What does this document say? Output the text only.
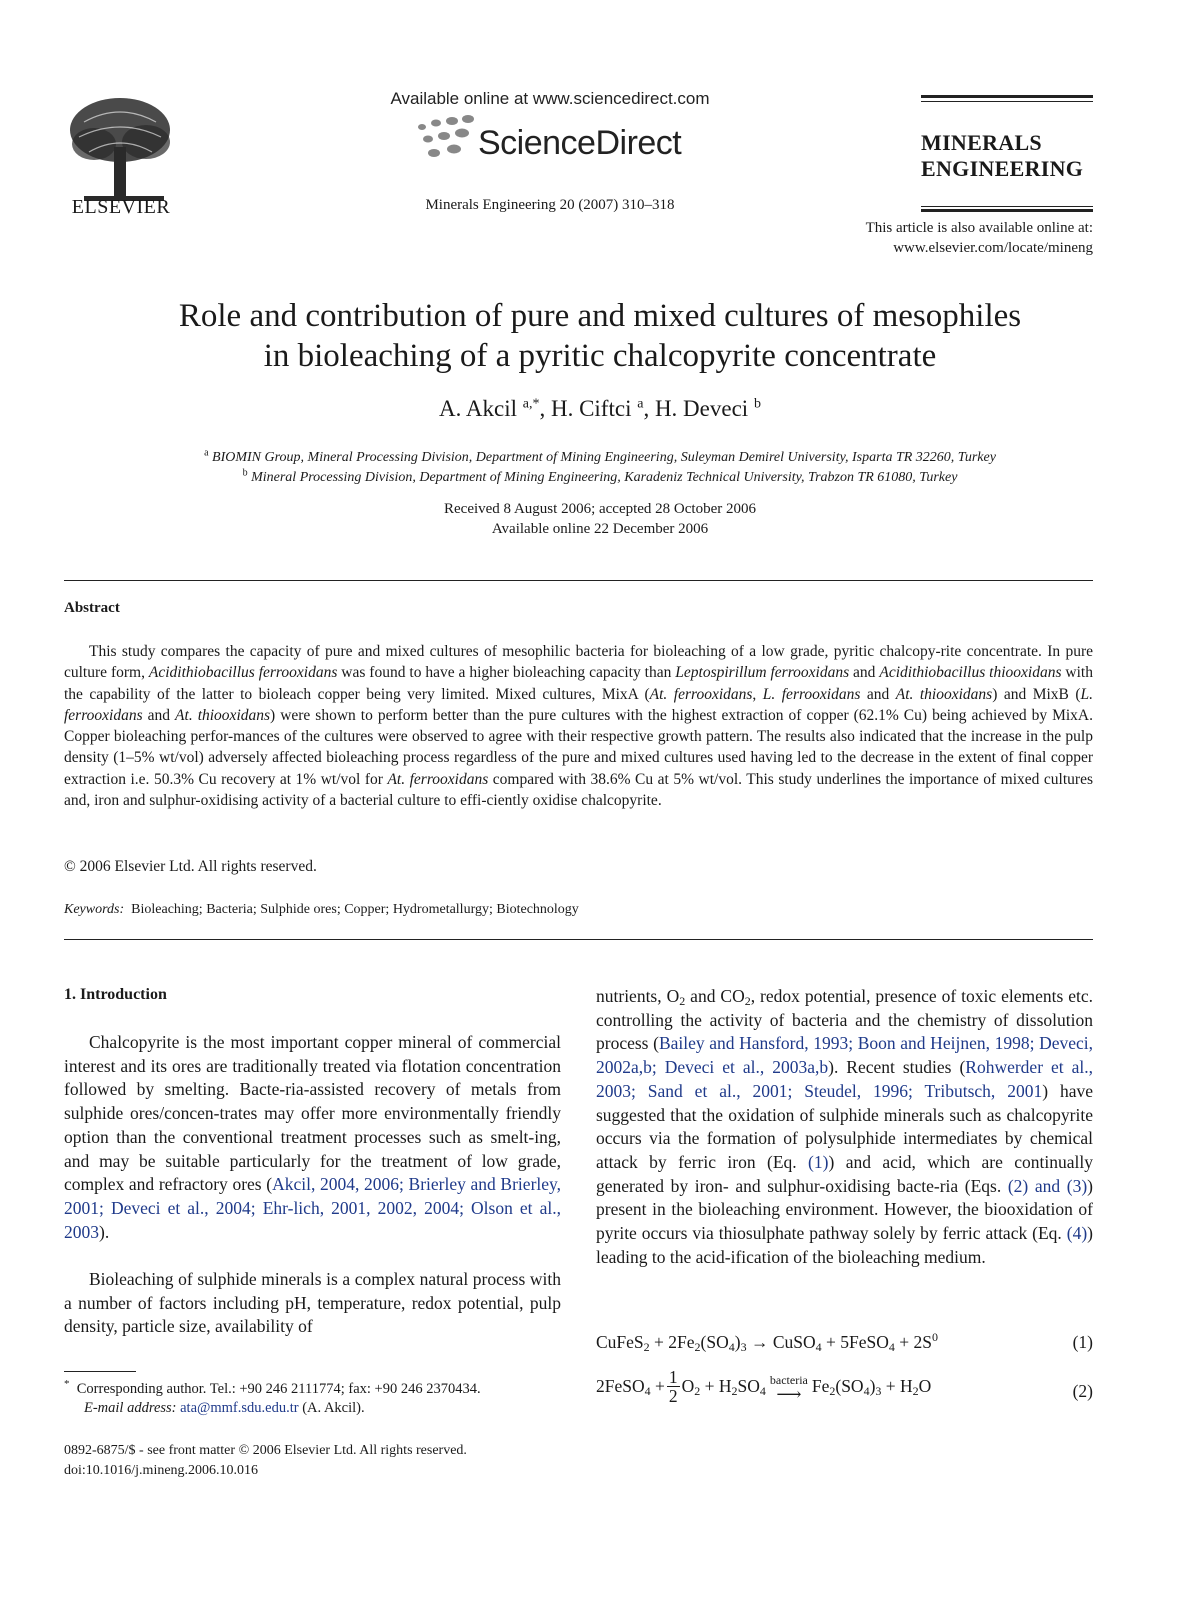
ELSEVIER
Available online at www.sciencedirect.com
ScienceDirect
Minerals Engineering 20 (2007) 310–318
MINERALS
ENGINEERING
This article is also available online at:
www.elsevier.com/locate/mineng
Role and contribution of pure and mixed cultures of mesophiles
in bioleaching of a pyritic chalcopyrite concentrate
A. Akcil $^{a,*}$, H. Ciftci $^a$, H. Deveci $^b$
$^a$ BIOMIN Group, Mineral Processing Division, Department of Mining Engineering, Suleyman Demirel University, Isparta TR 32260, Turkey
$^b$ Mineral Processing Division, Department of Mining Engineering, Karadeniz Technical University, Trabzon TR 61080, Turkey
Received 8 August 2006; accepted 28 October 2006
Available online 22 December 2006
Abstract
This study compares the capacity of pure and mixed cultures of mesophilic bacteria for bioleaching of a low grade, pyritic chalcopy-rite concentrate. In pure culture form, Acidithiobacillus ferrooxidans was found to have a higher bioleaching capacity than Leptospirillum ferrooxidans and Acidithiobacillus thiooxidans with the capability of the latter to bioleach copper being very limited. Mixed cultures, MixA (At. ferrooxidans, L. ferrooxidans and At. thiooxidans) and MixB (L. ferrooxidans and At. thiooxidans) were shown to perform better than the pure cultures with the highest extraction of copper (62.1% Cu) being achieved by MixA. Copper bioleaching perfor-mances of the cultures were observed to agree with their respective growth pattern. The results also indicated that the increase in the pulp density (1–5% wt/vol) adversely affected bioleaching process regardless of the pure and mixed cultures used having led to the decrease in the extent of final copper extraction i.e. 50.3% Cu recovery at 1% wt/vol for At. ferrooxidans compared with 38.6% Cu at 5% wt/vol. This study underlines the importance of mixed cultures and, iron and sulphur-oxidising activity of a bacterial culture to effi-ciently oxidise chalcopyrite.
© 2006 Elsevier Ltd. All rights reserved.
Keywords: Bioleaching; Bacteria; Sulphide ores; Copper; Hydrometallurgy; Biotechnology
1. Introduction
Chalcopyrite is the most important copper mineral of commercial interest and its ores are traditionally treated via flotation concentration followed by smelting. Bacte-ria-assisted recovery of metals from sulphide ores/concen-trates may offer more environmentally friendly option than the conventional treatment processes such as smelt-ing, and may be suitable particularly for the treatment of low grade, complex and refractory ores (Akcil, 2004, 2006; Brierley and Brierley, 2001; Deveci et al., 2004; Ehr-lich, 2001, 2002, 2004; Olson et al., 2003).
Bioleaching of sulphide minerals is a complex natural process with a number of factors including pH, temperature, redox potential, pulp density, particle size, availability of
nutrients, $O_2$ and $CO_2$, redox potential, presence of toxic elements etc. controlling the activity of bacteria and the chemistry of dissolution process (Bailey and Hansford, 1993; Boon and Heijnen, 1998; Deveci, 2002a,b; Deveci et al., 2003a,b). Recent studies (Rohwerder et al., 2003; Sand et al., 2001; Steudel, 1996; Tributsch, 2001) have suggested that the oxidation of sulphide minerals such as chalcopyrite occurs via the formation of polysulphide intermediates by chemical attack by ferric iron (Eq. (1)) and acid, which are continually generated by iron- and sulphur-oxidising bacte-ria (Eqs. (2) and (3)) present in the bioleaching environment. However, the biooxidation of pyrite occurs via thiosulphate pathway solely by ferric attack (Eq. (4)) leading to the acid-ification of the bioleaching medium.
CuFeS$_2$ + $2Fe_2(SO_4)_3$ → CuSO$_4$ + 5FeSO$_4$ + $2S^0$	(1)
2FeSO$_4$ + $\frac{1}{2} O_2 + H_2SO_4$
bacteria
⟶ $Fe_2(SO_4)_3 + H_2O$	(2)
* Corresponding author. Tel.: +90 246 2111774; fax: +90 246 2370434.
E-mail address: ata@mmf.sdu.edu.tr (A. Akcil).
0892-6875/$ - see front matter © 2006 Elsevier Ltd. All rights reserved.
doi:10.1016/j.mineng.2006.10.016
